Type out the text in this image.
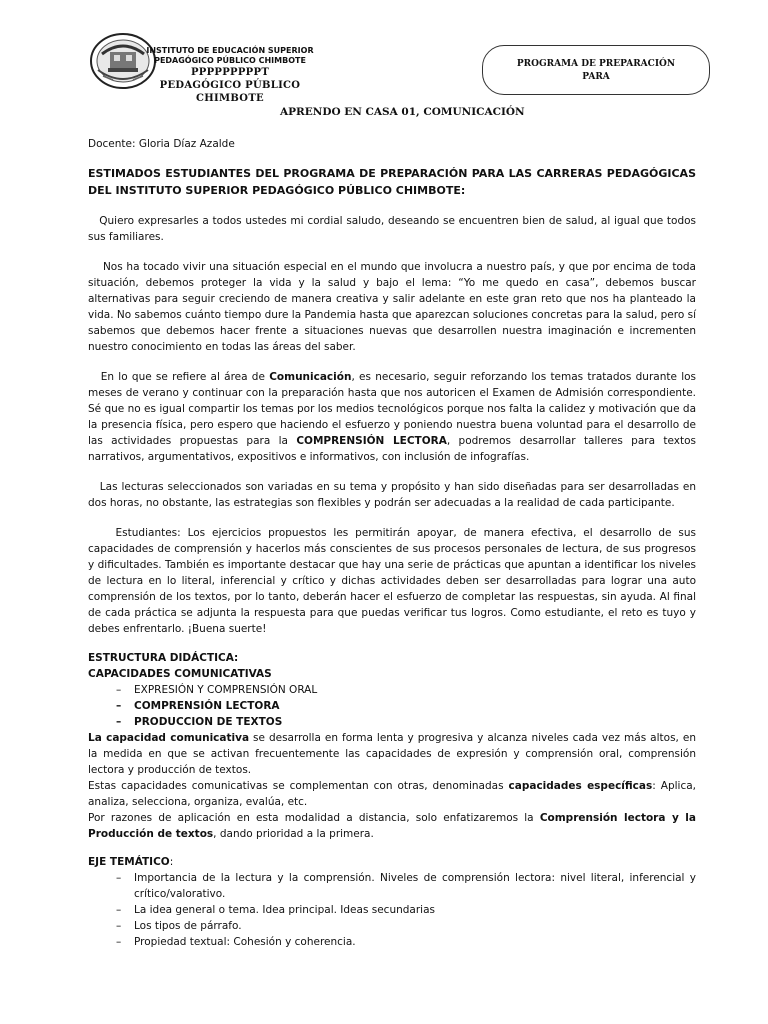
INSTITUTO DE EDUCACIÓN SUPERIOR
PEDAGÓGICO PÚBLICO CHIMBOTE
PPPPPPPPPT
PEDAGÓGICO PÚBLICO
CHIMBOTE
PROGRAMA DE PREPARACIÓN
PARA
APRENDO EN CASA 01, COMUNICACIÓN

Docente: Gloria Díaz Azalde

ESTIMADOS ESTUDIANTES DEL PROGRAMA DE PREPARACIÓN PARA LAS CARRERAS PEDAGÓGICAS DEL INSTITUTO SUPERIOR PEDAGÓGICO PÚBLICO CHIMBOTE:

Quiero expresarles a todos ustedes mi cordial saludo, deseando se encuentren bien de salud, al igual que todos sus familiares.

Nos ha tocado vivir una situación especial en el mundo que involucra a nuestro país, y que por encima de toda situación, debemos proteger la vida y la salud y bajo el lema: “Yo me quedo en casa”, debemos buscar alternativas para seguir creciendo de manera creativa y salir adelante en este gran reto que nos ha planteado la vida. No sabemos cuánto tiempo dure la Pandemia hasta que aparezcan soluciones concretas para la salud, pero sí sabemos que debemos hacer frente a situaciones nuevas que desarrollen nuestra imaginación e incrementen nuestro conocimiento en todas las áreas del saber.

En lo que se refiere al área de Comunicación, es necesario, seguir reforzando los temas tratados durante los meses de verano y continuar con la preparación hasta que nos autoricen el Examen de Admisión correspondiente. Sé que no es igual compartir los temas por los medios tecnológicos porque nos falta la calidez y motivación que da la presencia física, pero espero que haciendo el esfuerzo y poniendo nuestra buena voluntad para el desarrollo de las actividades propuestas para la COMPRENSIÓN LECTORA, podremos desarrollar talleres para textos narrativos, argumentativos, expositivos e informativos, con inclusión de infografías.

Las lecturas seleccionados son variadas en su tema y propósito y han sido diseñadas para ser desarrolladas en dos horas, no obstante, las estrategias son flexibles y podrán ser adecuadas a la realidad de cada participante.

Estudiantes: Los ejercicios propuestos les permitirán apoyar, de manera efectiva, el desarrollo de sus capacidades de comprensión y hacerlos más conscientes de sus procesos personales de lectura, de sus progresos y dificultades. También es importante destacar que hay una serie de prácticas que apuntan a identificar los niveles de lectura en lo literal, inferencial y crítico y dichas actividades deben ser desarrolladas para lograr una auto comprensión de los textos, por lo tanto, deberán hacer el esfuerzo de completar las respuestas, sin ayuda. Al final de cada práctica se adjunta la respuesta para que puedas verificar tus logros. Como estudiante, el reto es tuyo y debes enfrentarlo. ¡Buena suerte!

ESTRUCTURA DIDÁCTICA:
CAPACIDADES COMUNICATIVAS
– EXPRESIÓN Y COMPRENSIÓN ORAL
– COMPRENSIÓN LECTORA
– PRODUCCION DE TEXTOS

La capacidad comunicativa se desarrolla en forma lenta y progresiva y alcanza niveles cada vez más altos, en la medida en que se activan frecuentemente las capacidades de expresión y comprensión oral, comprensión lectora y producción de textos.

Estas capacidades comunicativas se complementan con otras, denominadas capacidades específicas: Aplica, analiza, selecciona, organiza, evalúa, etc.

Por razones de aplicación en esta modalidad a distancia, solo enfatizaremos la Comprensión lectora y la Producción de textos, dando prioridad a la primera.

EJE TEMÁTICO:
– Importancia de la lectura y la comprensión. Niveles de comprensión lectora: nivel literal, inferencial y crítico/valorativo.
– La idea general o tema. Idea principal. Ideas secundarias
– Los tipos de párrafo.
– Propiedad textual: Cohesión y coherencia.
